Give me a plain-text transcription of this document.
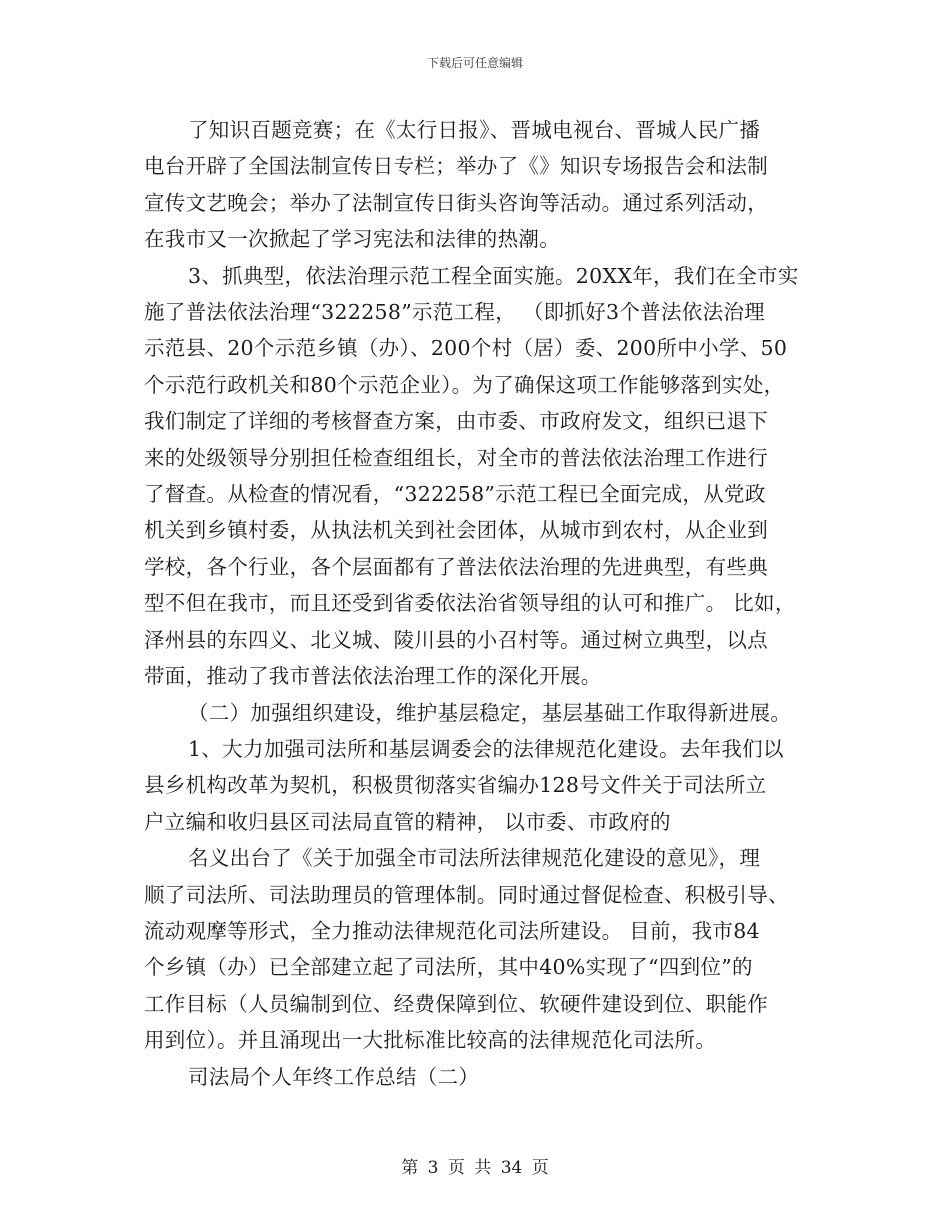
下载后可任意编辑
了知识百题竞赛；在《太行日报》、晋城电视台、晋城人民广播
电台开辟了全国法制宣传日专栏；举办了《》知识专场报告会和法制
宣传文艺晚会；举办了法制宣传日街头咨询等活动。通过系列活动，
在我市又一次掀起了学习宪法和法律的热潮。
3、抓典型，依法治理示范工程全面实施。20XX年，我们在全市实
施了普法依法治理“322258”示范工程， （即抓好3个普法依法治理
示范县、20个示范乡镇（办）、200个村（居）委、200所中小学、50
个示范行政机关和80个示范企业）。为了确保这项工作能够落到实处，
我们制定了详细的考核督查方案，由市委、市政府发文，组织已退下
来的处级领导分别担任检查组组长，对全市的普法依法治理工作进行
了督查。从检查的情况看，“322258”示范工程已全面完成，从党政
机关到乡镇村委，从执法机关到社会团体，从城市到农村，从企业到
学校，各个行业，各个层面都有了普法依法治理的先进典型，有些典
型不但在我市，而且还受到省委依法治省领导组的认可和推广。 比如，
泽州县的东四义、北义城、陵川县的小召村等。通过树立典型，以点
带面，推动了我市普法依法治理工作的深化开展。
（二）加强组织建设，维护基层稳定，基层基础工作取得新进展。
1、大力加强司法所和基层调委会的法律规范化建设。去年我们以
县乡机构改革为契机，积极贯彻落实省编办128号文件关于司法所立
户立编和收归县区司法局直管的精神， 以市委、市政府的
名义出台了《关于加强全市司法所法律规范化建设的意见》，理
顺了司法所、司法助理员的管理体制。同时通过督促检查、积极引导、
流动观摩等形式，全力推动法律规范化司法所建设。 目前，我市84
个乡镇（办）已全部建立起了司法所，其中40%实现了“四到位”的
工作目标（人员编制到位、经费保障到位、软硬件建设到位、职能作
用到位）。并且涌现出一大批标准比较高的法律规范化司法所。
司法局个人年终工作总结（二）
第 3 页 共 34 页
